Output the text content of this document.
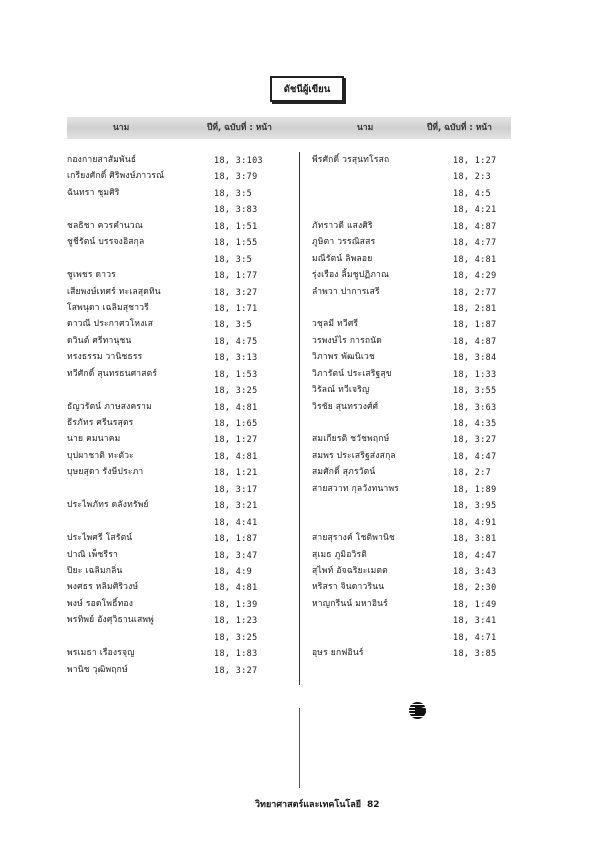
ดัชนีผู้เขียน
นาม	ปีที่, ฉบับที่ : หน้า	นาม	ปีที่, ฉบับที่ : หน้า
กองกายสาสัมพันธ์	18, 3:103
เกรียงศักดิ์ ศิริพงษ์ภาวรณ์	18, 3:79
ฉันทรา ชุมศิริ	18, 3:5
18, 3:83
ชลธิชา ควรคำนวณ	18, 1:51
ชูชีรัตน์ บรรจงอิสกุล	18, 1:55
18, 3:5
ชูเพชร ดาวร	18, 1:77
เสียพงษ์เทศร์ ทะเลสุดทิน	18, 3:27
โสพนุดา เฉลิมสุชาวรี	18, 1:71
ดาวณี ประกาศวโหงเส	18, 3:5
ดวินต์ ศรีทานุชน	18, 4:75
ทรงธรรม วานิชธรร	18, 3:13
ทวีศักดิ์ สุนทรธนศาสตร์	18, 1:53
18, 3:25
ธัญวรัตน์ ภาษสงคราม	18, 4:81
ธีรภัทร ศรีนรสุตร	18, 1:65
นาย คมนาคม	18, 1:27
บุปผาชาติ ทะตัวะ	18, 4:81
บุษยสุดา รังษีประภา	18, 1:21
18, 3:17
ประไพภัทร ดลังทรัพย์	18, 3:21
18, 4:41
ประไพศรี โสรัตน์	18, 1:87
ปาณิ เพ็ชรีรา	18, 3:47
ปิยะ เฉลิมกลิ่น	18, 4:9
พงศธร หลิมศิริวงษ์	18, 4:81
พงษ์ รอดโพธิ์ทอง	18, 1:39
พรทิพย์ อังศุวิธานเสพพู่	18, 1:23
18, 3:25
พรเมธา เรืองรจุญ	18, 1:83
พานิช วุฒิพฤกษ์	18, 3:27
พีรศักดิ์ วรสุนทโรสถ	18, 1:27
18, 2:3
18, 4:5
18, 4:21
ภัทราวดี แสงศิริ	18, 4:87
ภูษิตา วรรณิสสร	18, 4:77
มณีรัตน์ ลิพลอย	18, 4:81
รุ่งเรือง ลิ้มชูปฏิภาณ	18, 4:29
ลำพวา ปาการเสรี	18, 2:77
18, 2:81
วชุลมี ทวีศรี	18, 1:87
วรพงษ์ไร การถนัด	18, 4:87
วิภาพร พัฒนิเวช	18, 3:84
วิภารัตน์ ประเสริฐสุข	18, 1:33
วิรัลณ์ ทวีเจริญ	18, 3:55
วิรชัย สุนทรวงศ์ศ์	18, 3:63
18, 4:35
สมเกียรติ ชวัชพฤกษ์	18, 3:27
สมพร ประเสริฐส่งสกุล	18, 4:47
สมศักดิ์ สุภรวัตน์	18, 2:7
สายสวาท กุลวังทนาพร	18, 1:89
18, 3:95
18, 4:91
สายสุรางค์ โชติพานิช	18, 3:81
สุเมธ ภูมิอวิรติ	18, 4:47
สุไพท์ อัจฉริยะเมตต	18, 3:43
หริสรา จินดาวรินน	18, 2:30
หาญกรีนน์ มหาอินร์	18, 1:49
18, 3:41
18, 4:71
อุษร ยกฟอินร์	18, 3:85
วิทยาศาสตร์และเทคโนโลยี 82
